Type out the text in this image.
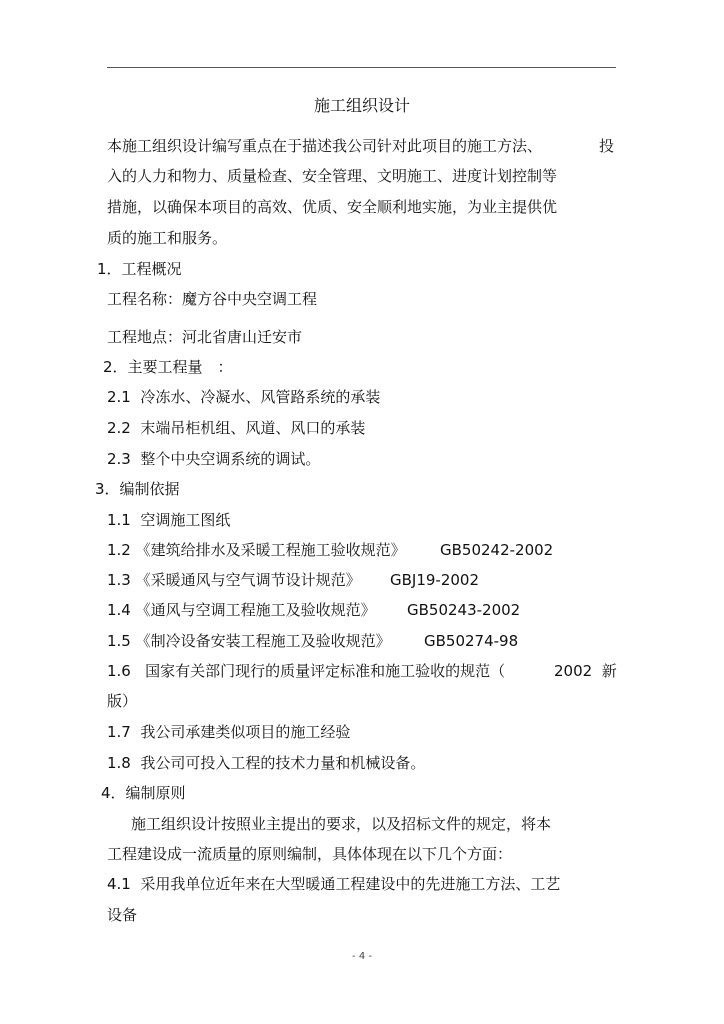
施工组织设计
本施工组织设计编写重点在于描述我公司针对此项目的施工方法、	投
入的人力和物力、质量检查、安全管理、文明施工、进度计划控制等
措施，以确保本项目的高效、优质、安全顺利地实施，为业主提供优
质的施工和服务。
1．工程概况
工程名称：魔方谷中央空调工程
工程地点：河北省唐山迁安市
2．主要工程量　：
2.1  冷冻水、冷凝水、风管路系统的承装
2.2  末端吊柜机组、风道、风口的承装
2.3  整个中央空调系统的调试。
3．编制依据
1.1  空调施工图纸
1.2 《建筑给排水及采暖工程施工验收规范》 GB50242-2002
1.3 《采暖通风与空气调节设计规范》 GBJ19-2002
1.4 《通风与空调工程施工及验收规范》 GB50243-2002
1.5 《制冷设备安装工程施工及验收规范》 GB50274-98
1.6   国家有关部门现行的质量评定标准和施工验收的规范（	2002  新
版）
1.7  我公司承建类似项目的施工经验
1.8  我公司可投入工程的技术力量和机械设备。
4．编制原则
施工组织设计按照业主提出的要求，以及招标文件的规定，将本
工程建设成一流质量的原则编制，具体体现在以下几个方面：
4.1  采用我单位近年来在大型暖通工程建设中的先进施工方法、工艺
设备
- 4 -
